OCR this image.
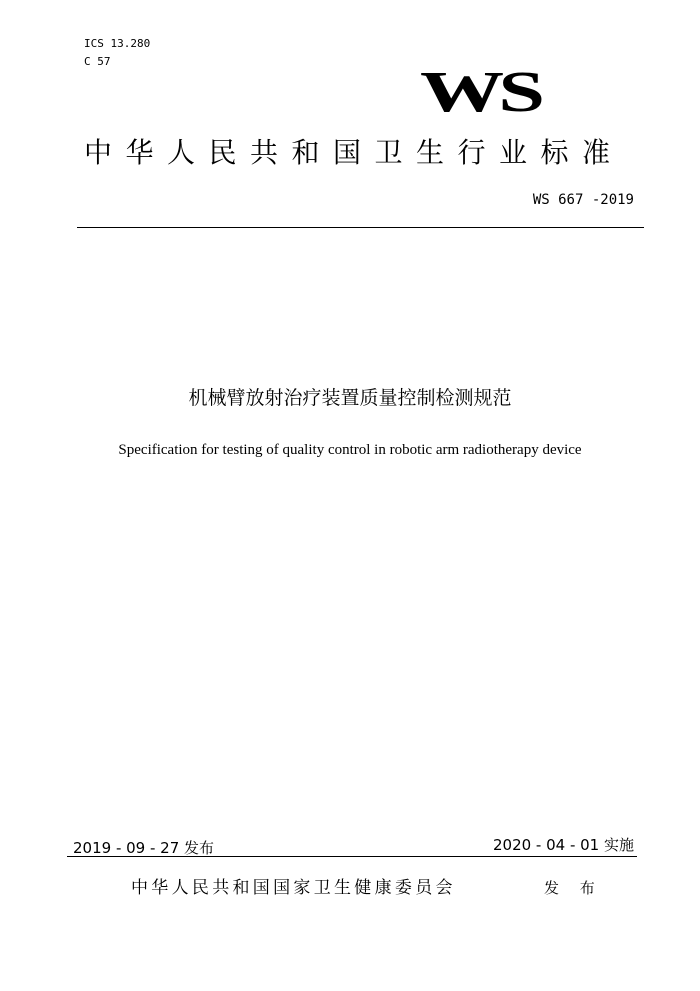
ICS 13.280
C 57	WS
中华人民共和国卫生行业标准
WS 667 -2019
机械臂放射治疗装置质量控制检测规范
Specification for testing of quality control in robotic arm radiotherapy device
2019 - 09 - 27 发布	2020 - 04 - 01 实施
中华人民共和国国家卫生健康委员会	发 布
